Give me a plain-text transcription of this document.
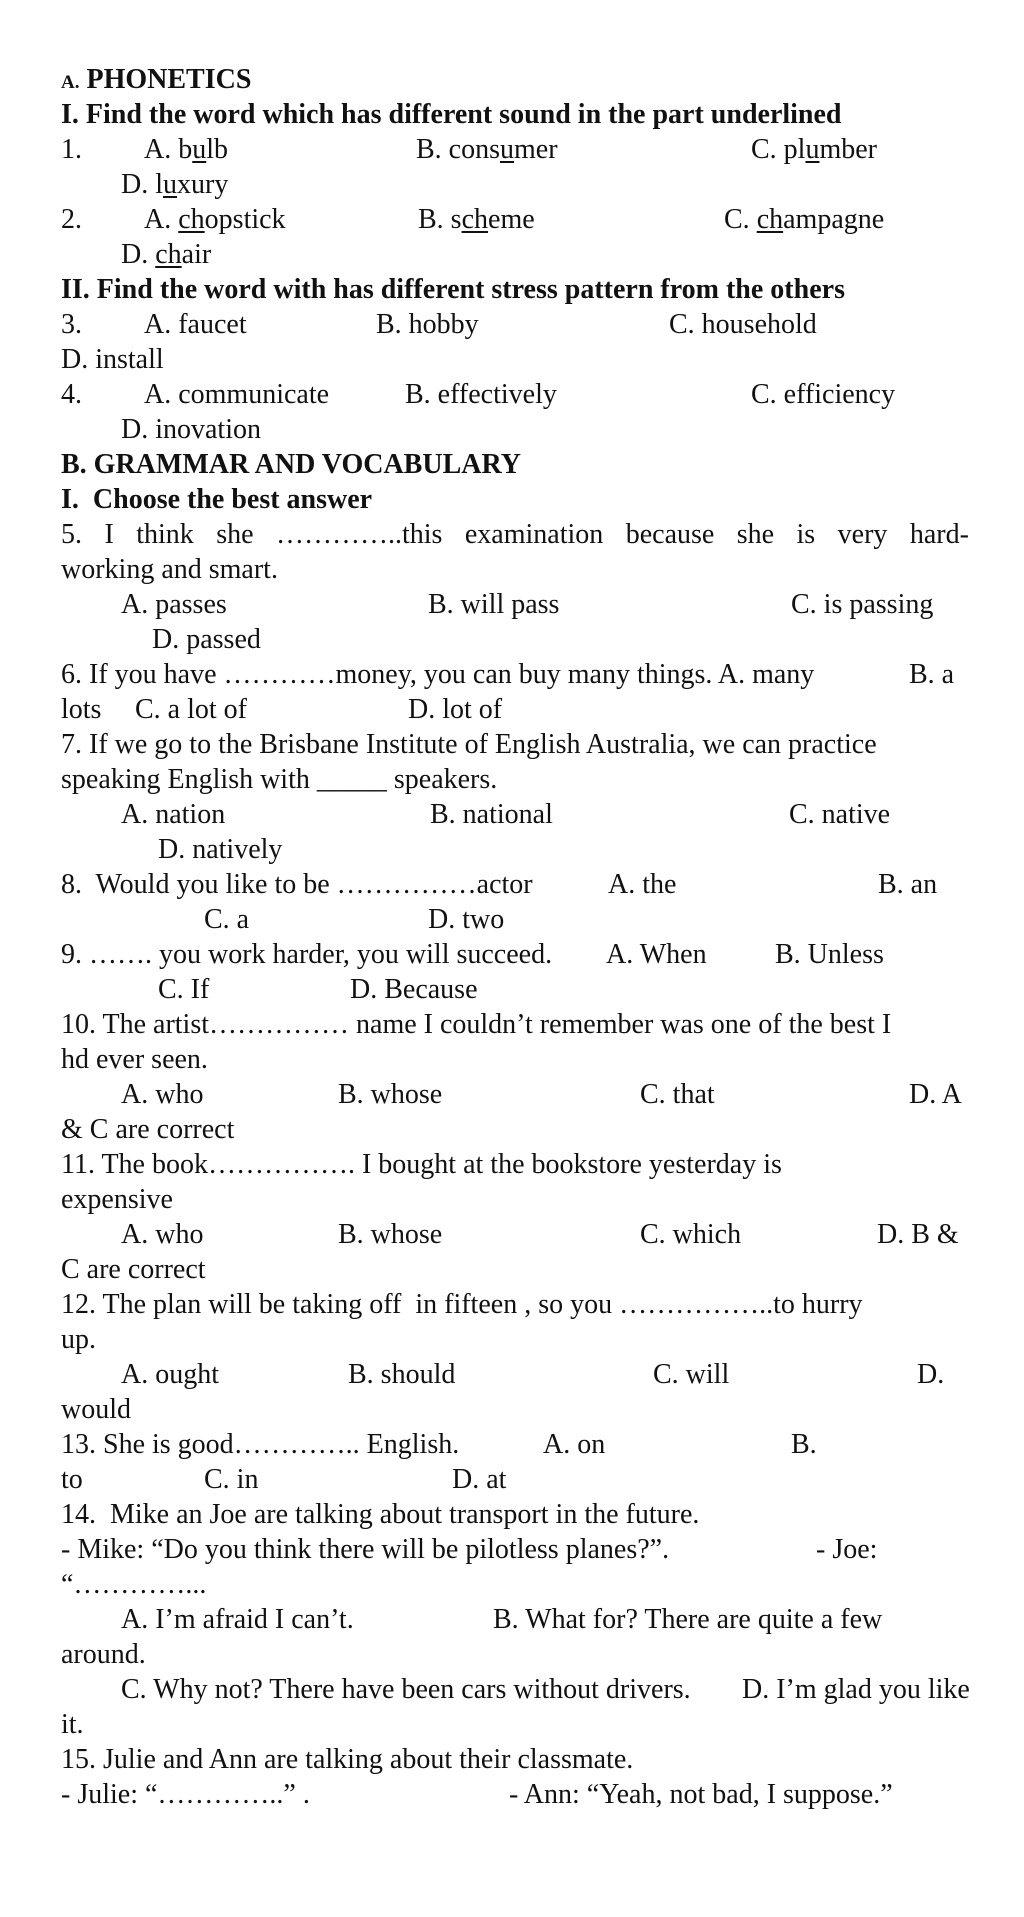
A. PHONETICS

I. Find the word which has different sound in the part underlined

1.

A. bulb

	B. consumer

	C. plumber

D. luxury

2.

A. chopstick

	B. scheme

	C. champagne

D. chair

II. Find the word with has different stress pattern from the others

3.

A. faucet

	B. hobby

	C. household

D. install

4.

A. communicate

	B. effectively

	C. efficiency

D. inovation

B. GRAMMAR AND VOCABULARY

I.  Choose the best answer

5. I think she …………..this examination because she is very hard-

working and smart.

A. passes

	B. will pass

	C. is passing

D. passed

6. If you have …………money, you can buy many things. A. many

	B. a

lots

C. a lot of

	D. lot of

7. If we go to the Brisbane Institute of English Australia, we can practice

speaking English with _____ speakers.

A. nation

	B. national

	C. native

D. natively

8.  Would you like to be ……………actor

	A. the

	B. an

C. a

	D. two

9. ……. you work harder, you will succeed.

A. When

B. Unless

C. If

	D. Because

10. The artist…………… name I couldn’t remember was one of the best I

hd ever seen.

A. who

	B. whose

	C. that

	D. A

& C are correct

11. The book……………. I bought at the bookstore yesterday is

expensive

A. who

	B. whose

	C. which

	D. B &

C are correct

12. The plan will be taking off  in fifteen , so you ……………..to hurry

up.

A. ought

	B. should

	C. will

	D.

would

13. She is good………….. English.

	A. on

	B.

to

	C. in

	D. at

14.  Mike an Joe are talking about transport in the future.

- Mike: “Do you think there will be pilotless planes?”.

	- Joe:

“…………...

A. I’m afraid I can’t.

	B. What for? There are quite a few

around.

C. Why not? There have been cars without drivers.

D. I’m glad you like

it.

15. Julie and Ann are talking about their classmate.

- Julie: “…………..” .

	- Ann: “Yeah, not bad, I suppose.”
